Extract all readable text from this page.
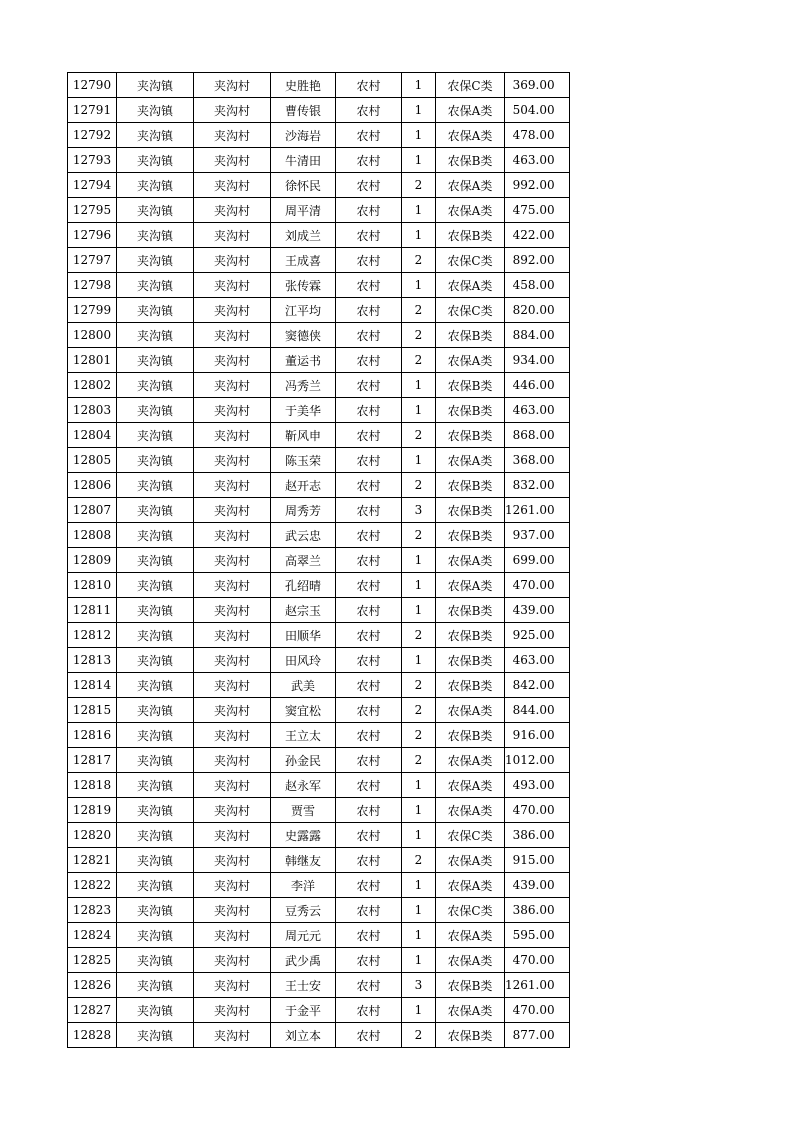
12790	夹沟镇	夹沟村	史胜艳	农村	1	农保C类	369.00
12791	夹沟镇	夹沟村	曹传银	农村	1	农保A类	504.00
12792	夹沟镇	夹沟村	沙海岩	农村	1	农保A类	478.00
12793	夹沟镇	夹沟村	牛清田	农村	1	农保B类	463.00
12794	夹沟镇	夹沟村	徐怀民	农村	2	农保A类	992.00
12795	夹沟镇	夹沟村	周平清	农村	1	农保A类	475.00
12796	夹沟镇	夹沟村	刘成兰	农村	1	农保B类	422.00
12797	夹沟镇	夹沟村	王成喜	农村	2	农保C类	892.00
12798	夹沟镇	夹沟村	张传霖	农村	1	农保A类	458.00
12799	夹沟镇	夹沟村	江平均	农村	2	农保C类	820.00
12800	夹沟镇	夹沟村	窦德侠	农村	2	农保B类	884.00
12801	夹沟镇	夹沟村	董运书	农村	2	农保A类	934.00
12802	夹沟镇	夹沟村	冯秀兰	农村	1	农保B类	446.00
12803	夹沟镇	夹沟村	于美华	农村	1	农保B类	463.00
12804	夹沟镇	夹沟村	靳风申	农村	2	农保B类	868.00
12805	夹沟镇	夹沟村	陈玉荣	农村	1	农保A类	368.00
12806	夹沟镇	夹沟村	赵开志	农村	2	农保B类	832.00
12807	夹沟镇	夹沟村	周秀芳	农村	3	农保B类	1261.00
12808	夹沟镇	夹沟村	武云忠	农村	2	农保B类	937.00
12809	夹沟镇	夹沟村	高翠兰	农村	1	农保A类	699.00
12810	夹沟镇	夹沟村	孔绍晴	农村	1	农保A类	470.00
12811	夹沟镇	夹沟村	赵宗玉	农村	1	农保B类	439.00
12812	夹沟镇	夹沟村	田顺华	农村	2	农保B类	925.00
12813	夹沟镇	夹沟村	田风玲	农村	1	农保B类	463.00
12814	夹沟镇	夹沟村	武美	农村	2	农保B类	842.00
12815	夹沟镇	夹沟村	窦宜松	农村	2	农保A类	844.00
12816	夹沟镇	夹沟村	王立太	农村	2	农保B类	916.00
12817	夹沟镇	夹沟村	孙金民	农村	2	农保A类	1012.00
12818	夹沟镇	夹沟村	赵永军	农村	1	农保A类	493.00
12819	夹沟镇	夹沟村	贾雪	农村	1	农保A类	470.00
12820	夹沟镇	夹沟村	史露露	农村	1	农保C类	386.00
12821	夹沟镇	夹沟村	韩继友	农村	2	农保A类	915.00
12822	夹沟镇	夹沟村	李洋	农村	1	农保A类	439.00
12823	夹沟镇	夹沟村	豆秀云	农村	1	农保C类	386.00
12824	夹沟镇	夹沟村	周元元	农村	1	农保A类	595.00
12825	夹沟镇	夹沟村	武少禹	农村	1	农保A类	470.00
12826	夹沟镇	夹沟村	王士安	农村	3	农保B类	1261.00
12827	夹沟镇	夹沟村	于金平	农村	1	农保A类	470.00
12828	夹沟镇	夹沟村	刘立本	农村	2	农保B类	877.00
